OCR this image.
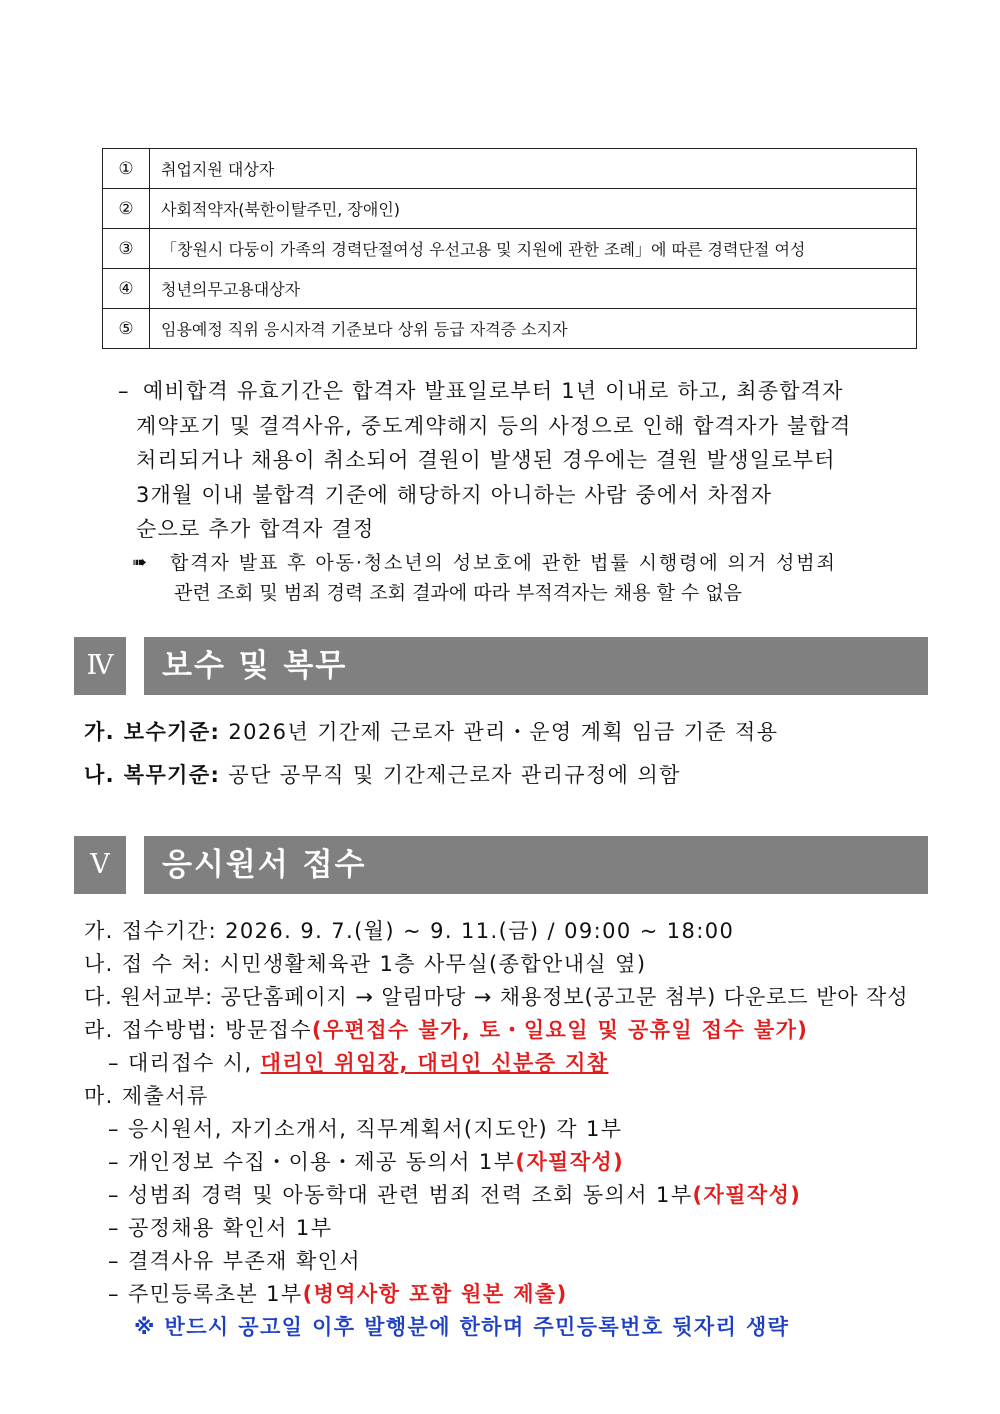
①	취업지원 대상자
②	사회적약자(북한이탈주민, 장애인)
③	「창원시 다둥이 가족의 경력단절여성 우선고용 및 지원에 관한 조례」에 따른 경력단절 여성
④	청년의무고용대상자
⑤	임용예정 직위 응시자격 기준보다 상위 등급 자격증 소지자
– 예비합격 유효기간은 합격자 발표일로부터 1년 이내로 하고, 최종합격자
계약포기 및 결격사유, 중도계약해지 등의 사정으로 인해 합격자가 불합격
처리되거나 채용이 취소되어 결원이 발생된 경우에는 결원 발생일로부터
3개월 이내 불합격 기준에 해당하지 아니하는 사람 중에서 차점자
순으로 추가 합격자 결정
➠	합격자 발표 후 아동·청소년의 성보호에 관한 법률 시행령에 의거 성범죄
관련 조회 및 범죄 경력 조회 결과에 따라 부적격자는 채용 할 수 없음
Ⅳ	보수 및 복무
가. 보수기준: 2026년 기간제 근로자 관리・운영 계획 임금 기준 적용
나. 복무기준: 공단 공무직 및 기간제근로자 관리규정에 의함
Ⅴ	응시원서 접수
가. 접수기간: 2026. 9. 7.(월) ~ 9. 11.(금) / 09:00 ~ 18:00
나. 접 수 처: 시민생활체육관 1층 사무실(종합안내실 옆)
다. 원서교부: 공단홈페이지 → 알림마당 → 채용정보(공고문 첨부) 다운로드 받아 작성
라. 접수방법: 방문접수(우편접수 불가, 토・일요일 및 공휴일 접수 불가)
– 대리접수 시, 대리인 위임장, 대리인 신분증 지참
마. 제출서류
– 응시원서, 자기소개서, 직무계획서(지도안) 각 1부
– 개인정보 수집・이용・제공 동의서 1부(자필작성)
– 성범죄 경력 및 아동학대 관련 범죄 전력 조회 동의서 1부(자필작성)
– 공정채용 확인서 1부
– 결격사유 부존재 확인서
– 주민등록초본 1부(병역사항 포함 원본 제출)
※ 반드시 공고일 이후 발행분에 한하며 주민등록번호 뒷자리 생략
